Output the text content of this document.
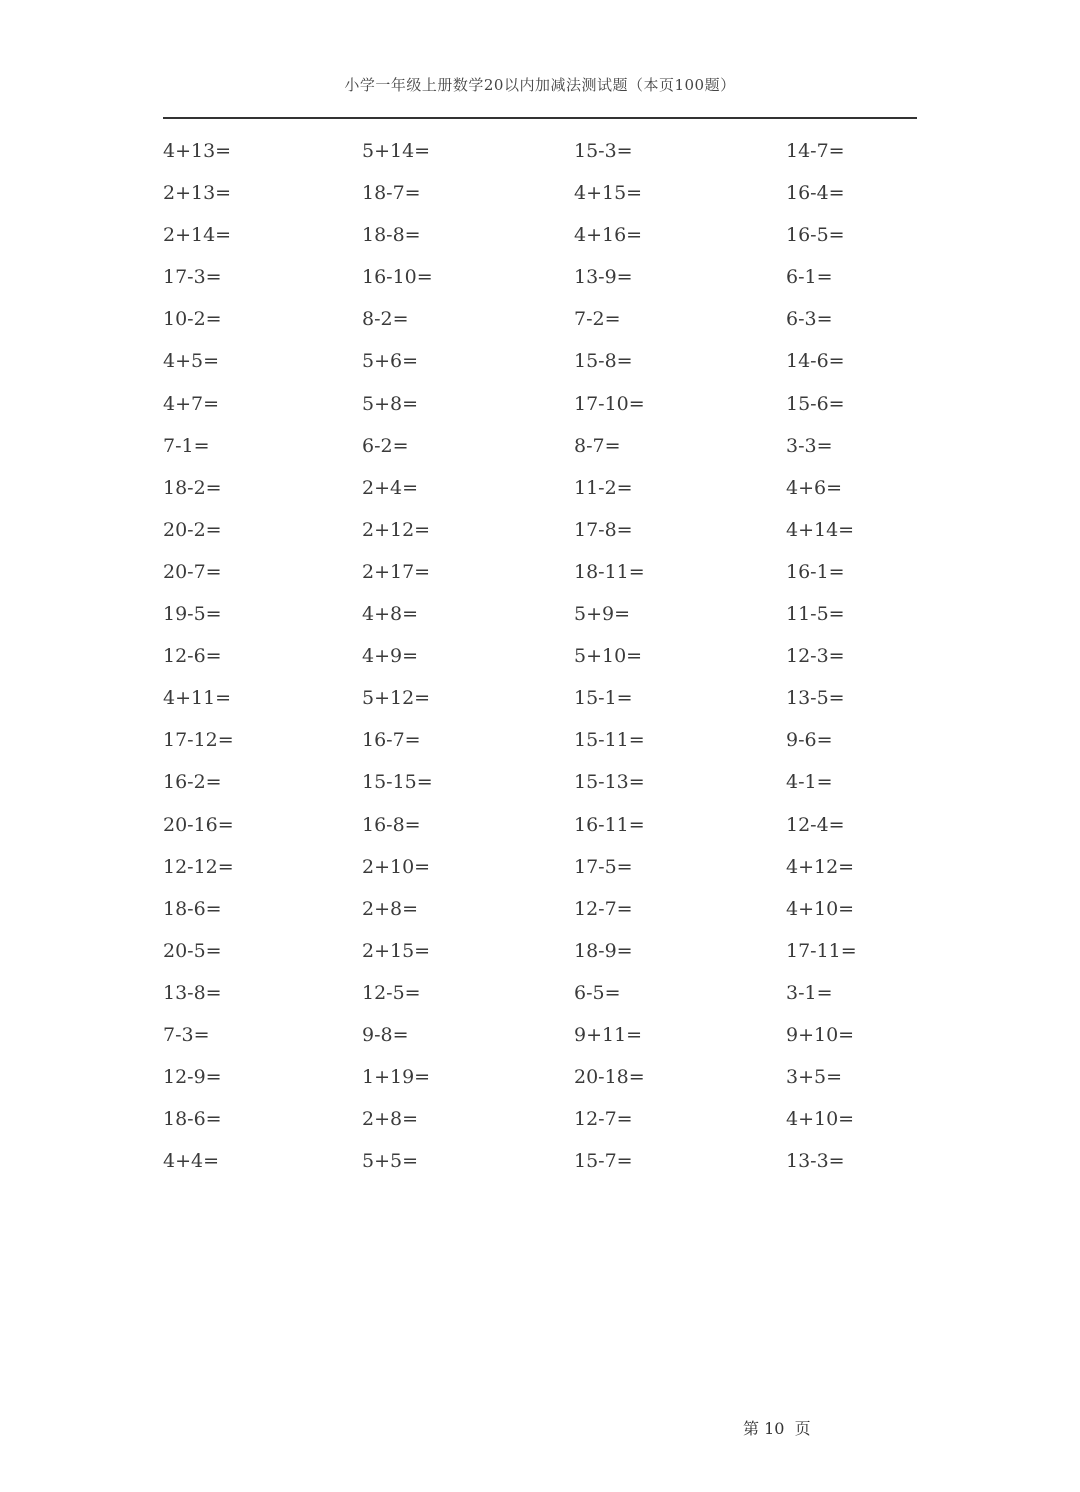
小学一年级上册数学20以内加减法测试题（本页100题）
4+13=	5+14=	15-3=	14-7=
2+13=	18-7=	4+15=	16-4=
2+14=	18-8=	4+16=	16-5=
17-3=	16-10=	13-9=	6-1=
10-2=	8-2=	7-2=	6-3=
4+5=	5+6=	15-8=	14-6=
4+7=	5+8=	17-10=	15-6=
7-1=	6-2=	8-7=	3-3=
18-2=	2+4=	11-2=	4+6=
20-2=	2+12=	17-8=	4+14=
20-7=	2+17=	18-11=	16-1=
19-5=	4+8=	5+9=	11-5=
12-6=	4+9=	5+10=	12-3=
4+11=	5+12=	15-1=	13-5=
17-12=	16-7=	15-11=	9-6=
16-2=	15-15=	15-13=	4-1=
20-16=	16-8=	16-11=	12-4=
12-12=	2+10=	17-5=	4+12=
18-6=	2+8=	12-7=	4+10=
20-5=	2+15=	18-9=	17-11=
13-8=	12-5=	6-5=	3-1=
7-3=	9-8=	9+11=	9+10=
12-9=	1+19=	20-18=	3+5=
18-6=	2+8=	12-7=	4+10=
4+4=	5+5=	15-7=	13-3=
第 10  页
